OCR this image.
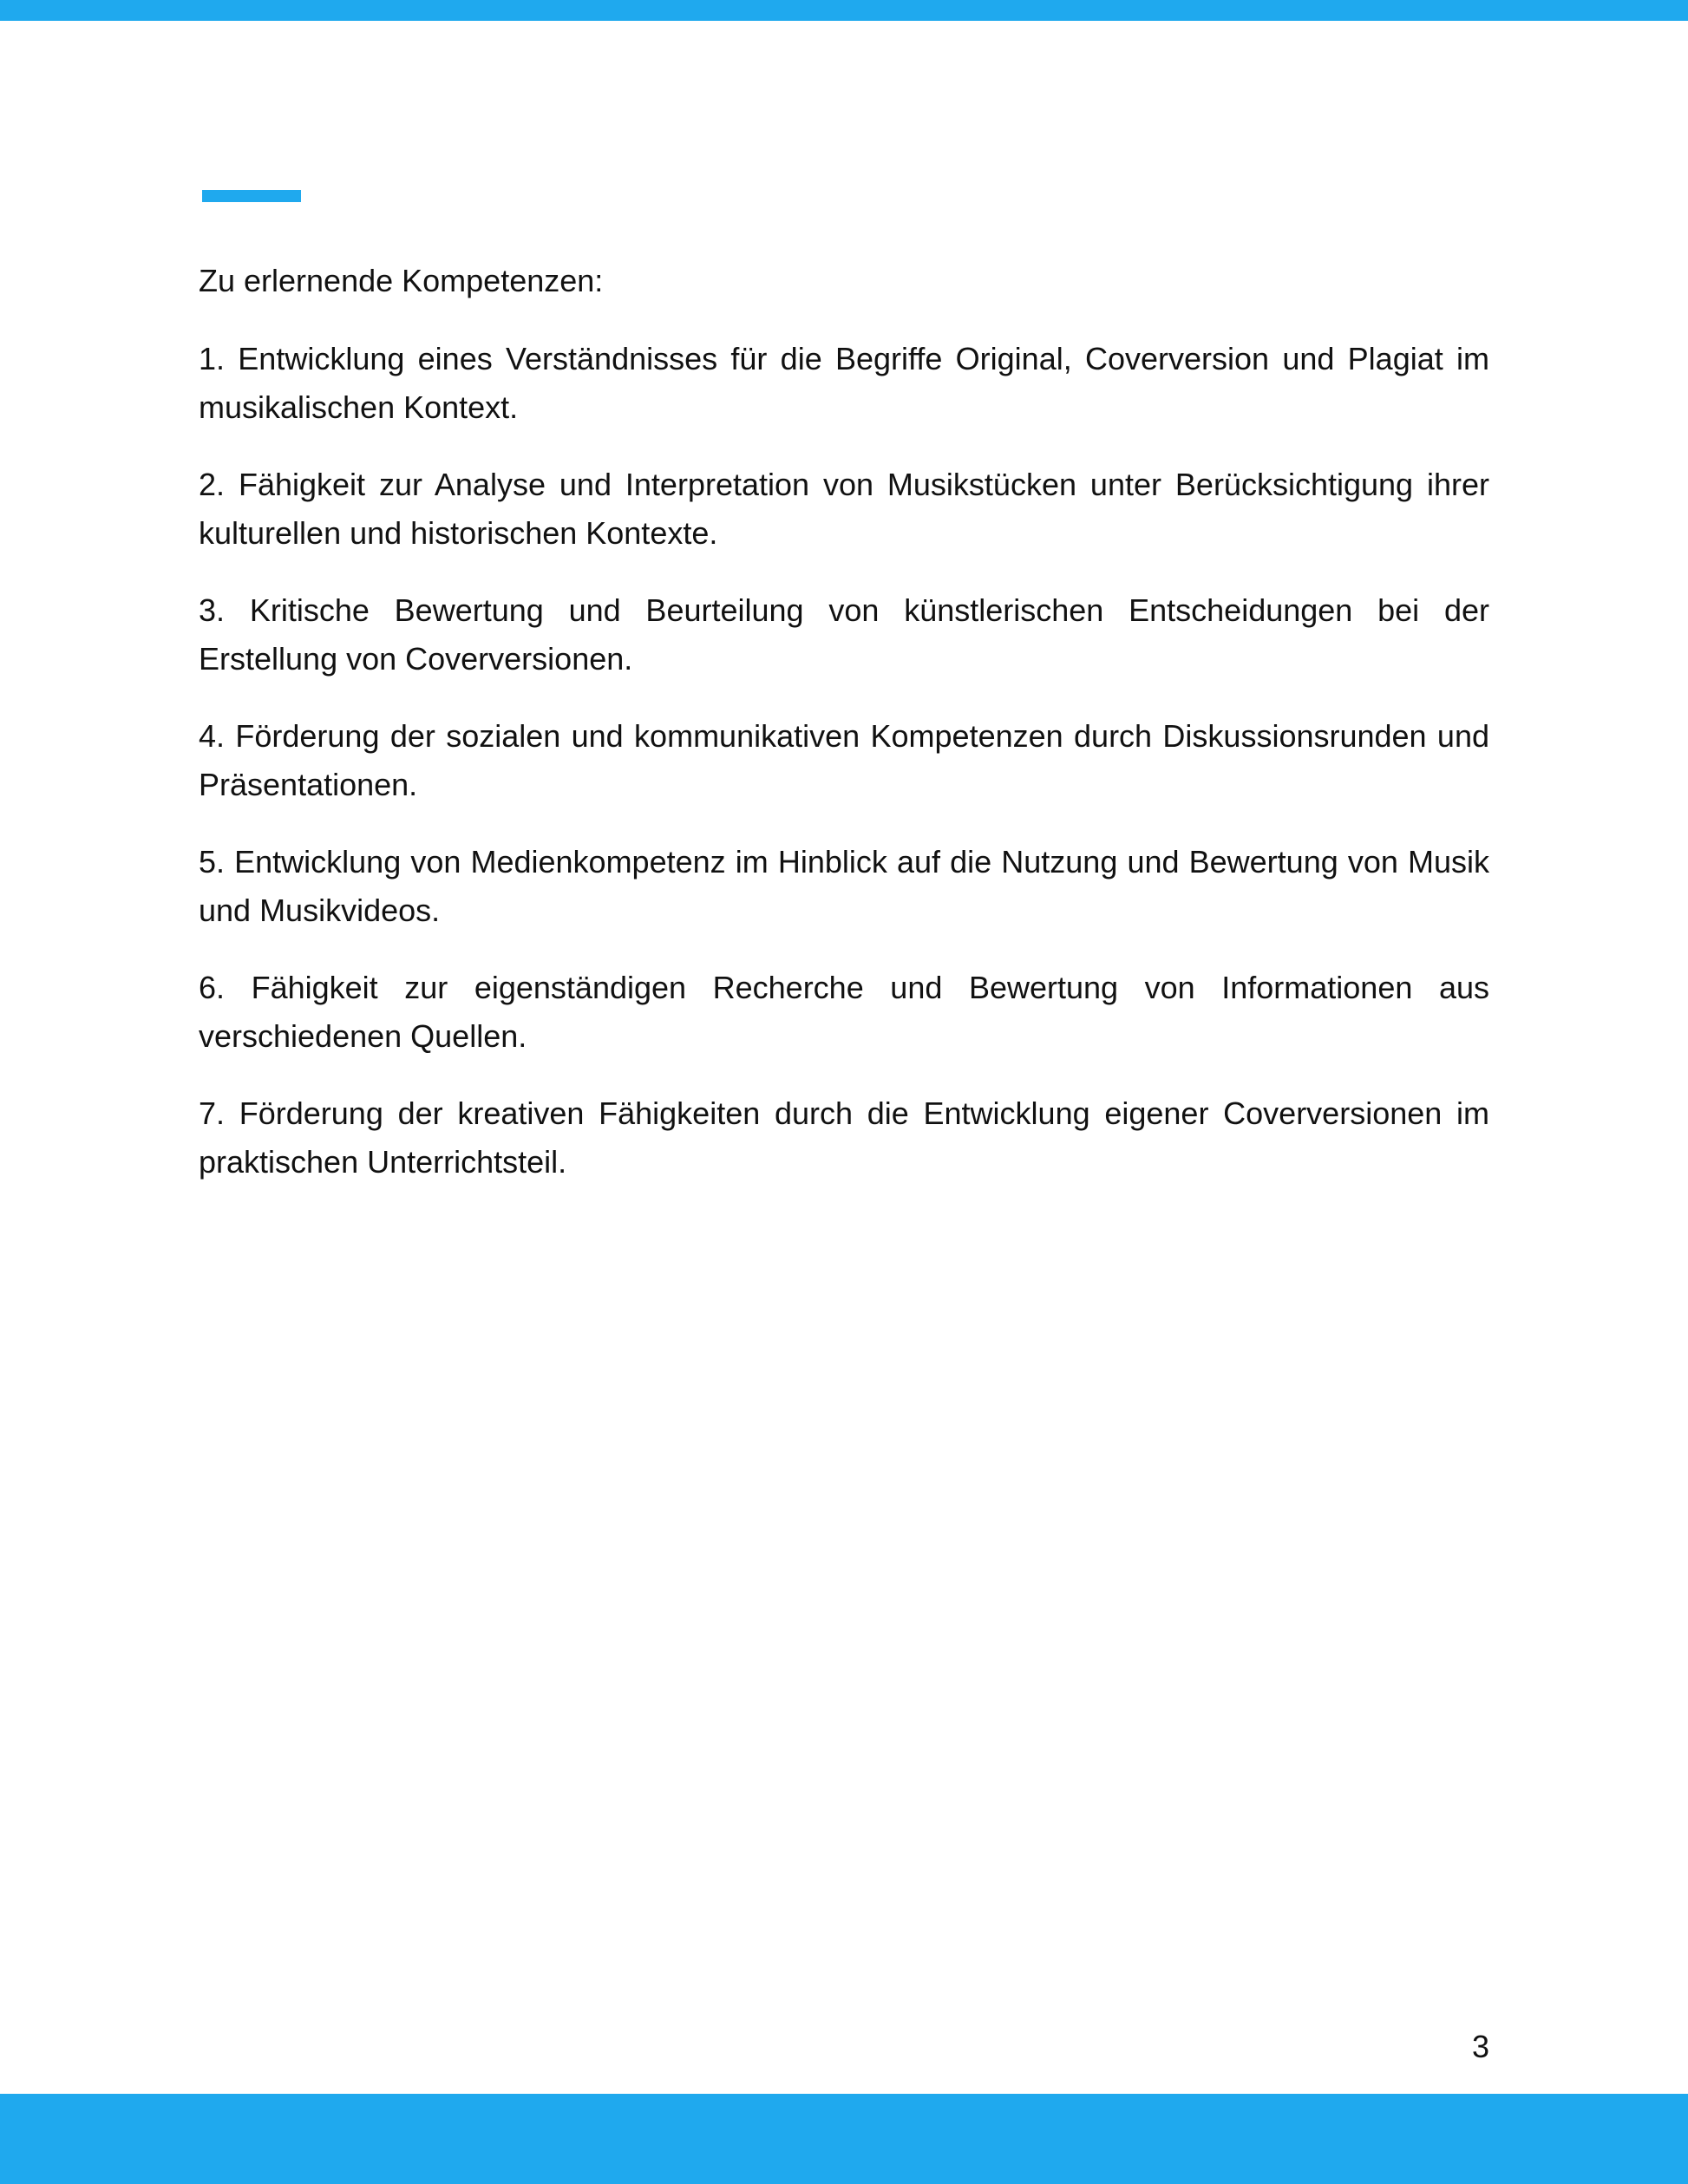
Zu erlernende Kompetenzen:

1. Entwicklung eines Verständnisses für die Begriffe Original, Coverversion und Plagiat im musikalischen Kontext.

2. Fähigkeit zur Analyse und Interpretation von Musikstücken unter Berücksichtigung ihrer kulturellen und historischen Kontexte.

3. Kritische Bewertung und Beurteilung von künstlerischen Entscheidungen bei der Erstellung von Coverversionen.

4. Förderung der sozialen und kommunikativen Kompetenzen durch Diskussionsrunden und Präsentationen.

5. Entwicklung von Medienkompetenz im Hinblick auf die Nutzung und Bewertung von Musik und Musikvideos.

6. Fähigkeit zur eigenständigen Recherche und Bewertung von Informationen aus verschiedenen Quellen.

7. Förderung der kreativen Fähigkeiten durch die Entwicklung eigener Coverversionen im praktischen Unterrichtsteil.

3
